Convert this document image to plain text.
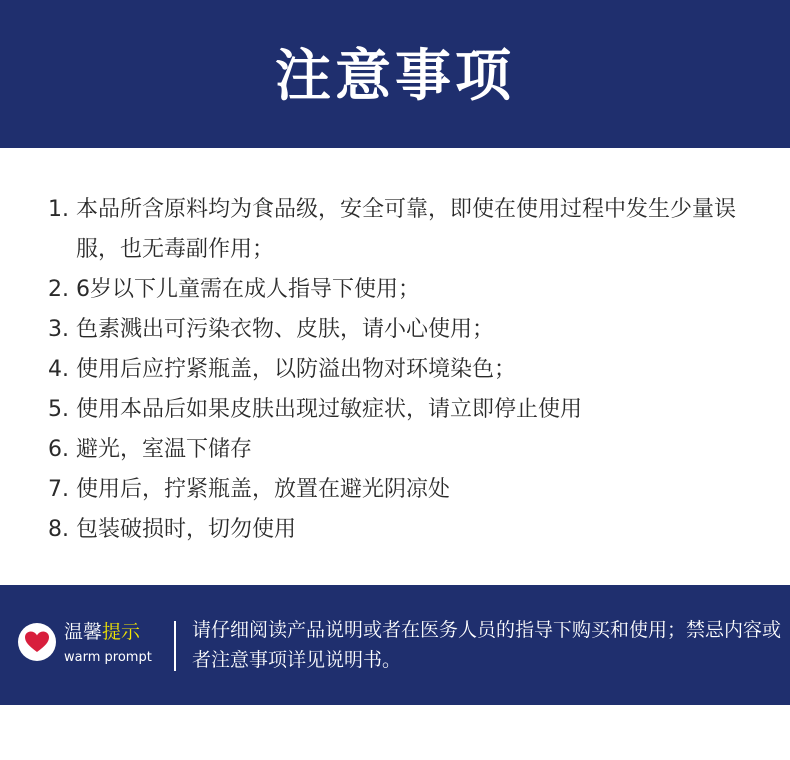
注意事项
1. 本品所含原料均为食品级，安全可靠，即使在使用过程中发生少量误服，也无毒副作用；
2. 6岁以下儿童需在成人指导下使用；
3. 色素溅出可污染衣物、皮肤，请小心使用；
4. 使用后应拧紧瓶盖，以防溢出物对环境染色；
5. 使用本品后如果皮肤出现过敏症状，请立即停止使用
6. 避光，室温下储存
7. 使用后，拧紧瓶盖，放置在避光阴凉处
8. 包装破损时，切勿使用
温馨提示
warm prompt

请仔细阅读产品说明或者在医务人员的指导下购买和使用；禁忌内容或者注意事项详见说明书。
